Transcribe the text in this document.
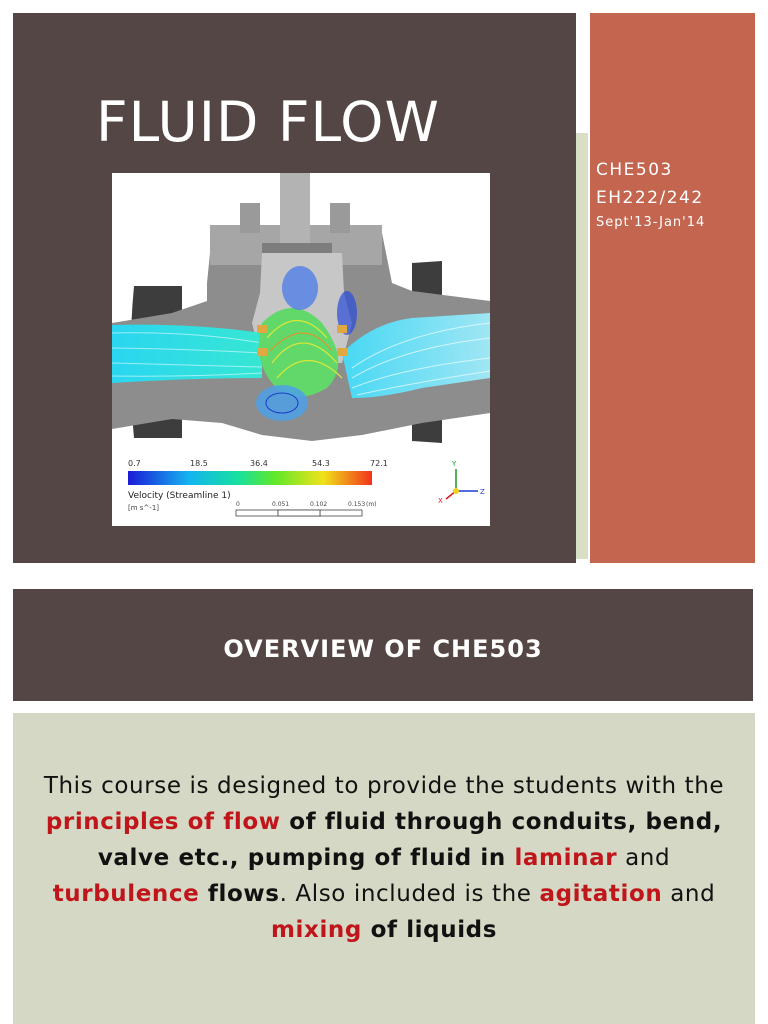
FLUID FLOW
CHE503
EH222/242
Sept'13-Jan'14
0.7	18.5	36.4	54.3	72.1
Velocity (Streamline 1)
[m s^-1]	0	0.051	0.102	0.153 (m)
Y
Z
X
OVERVIEW OF CHE503

This course is designed to provide the students with the principles of flow of fluid through conduits, bend, valve etc., pumping of fluid in laminar and turbulence flows. Also included is the agitation and mixing of liquids
